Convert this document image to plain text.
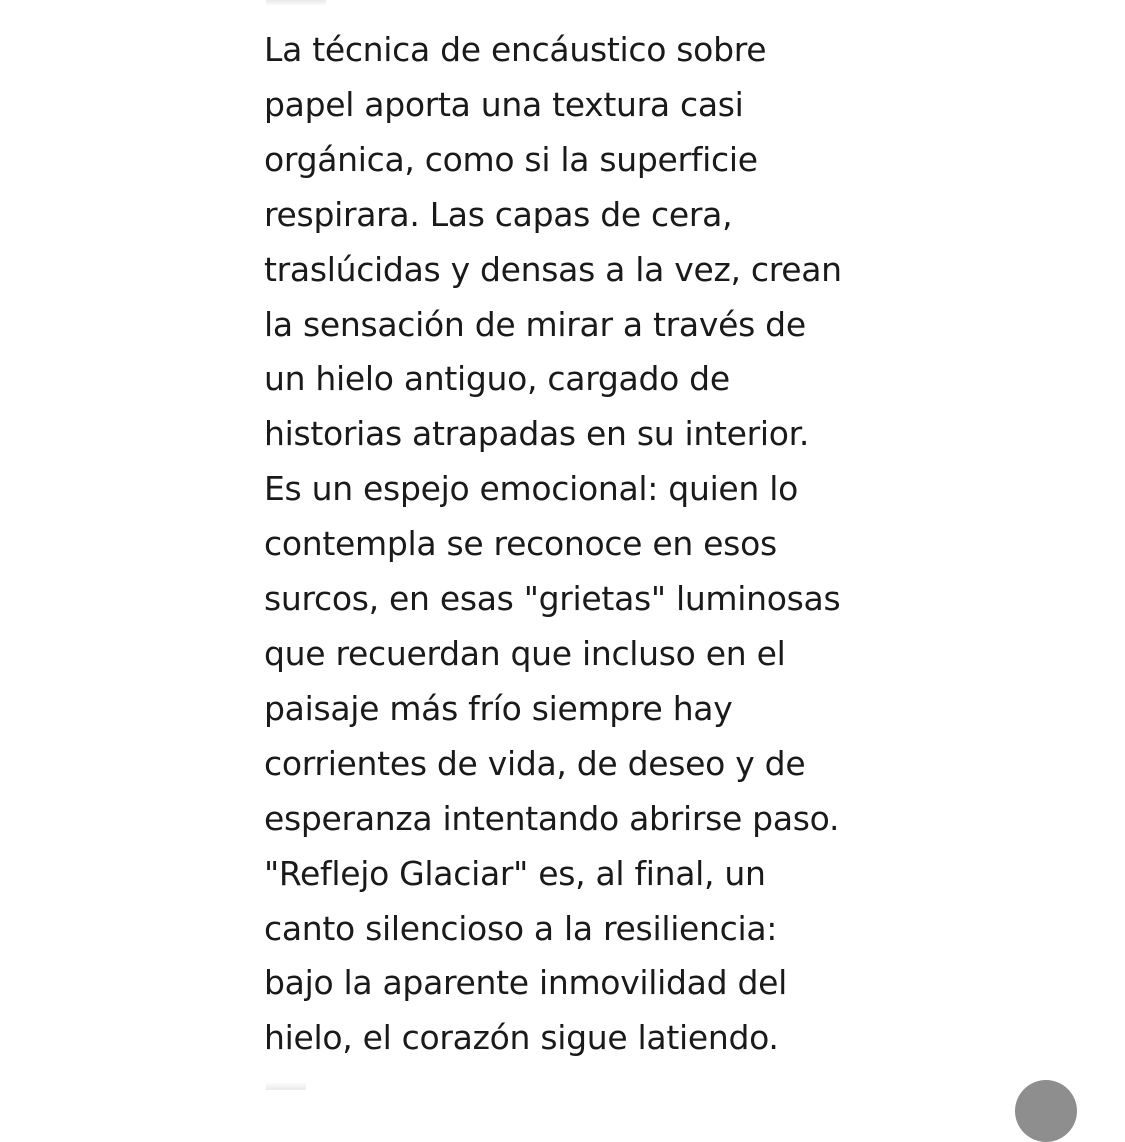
La técnica de encáustico sobre
papel aporta una textura casi
orgánica, como si la superficie
respirara. Las capas de cera,
traslúcidas y densas a la vez, crean
la sensación de mirar a través de
un hielo antiguo, cargado de
historias atrapadas en su interior.
Es un espejo emocional: quien lo
contempla se reconoce en esos
surcos, en esas "grietas" luminosas
que recuerdan que incluso en el
paisaje más frío siempre hay
corrientes de vida, de deseo y de
esperanza intentando abrirse paso.
"Reflejo Glaciar" es, al final, un
canto silencioso a la resiliencia:
bajo la aparente inmovilidad del
hielo, el corazón sigue latiendo.
